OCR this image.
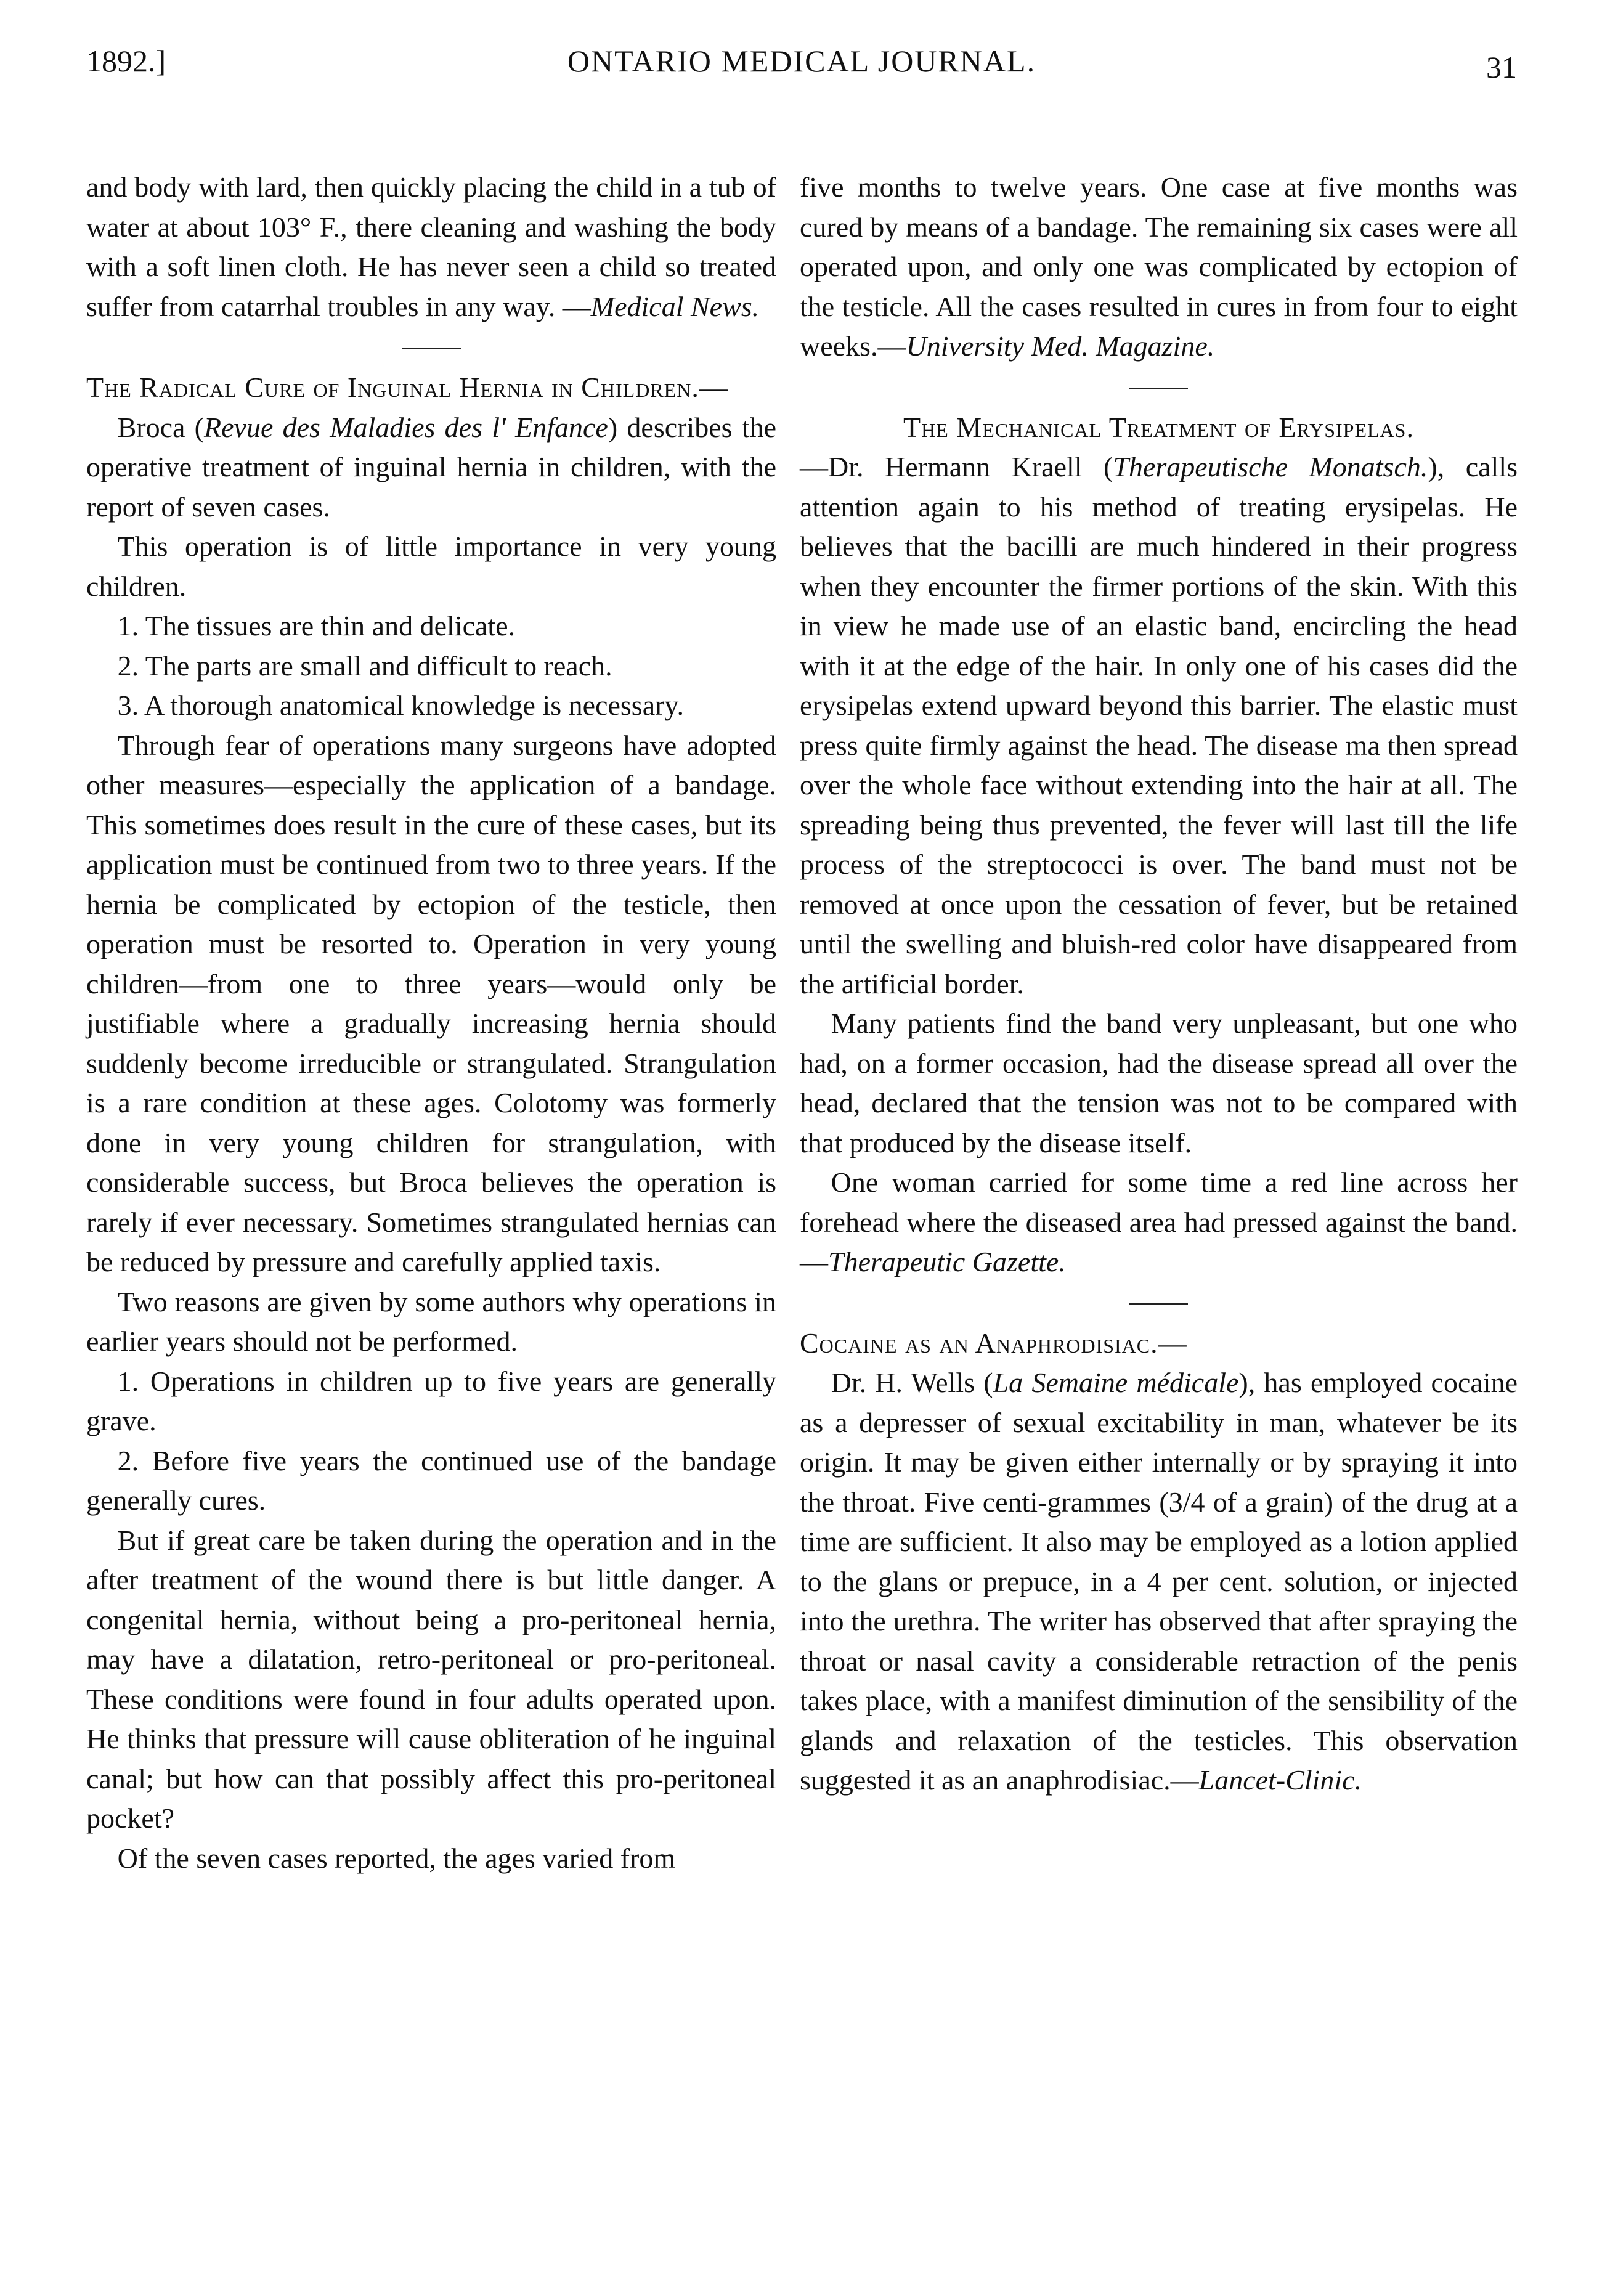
1892.]	ONTARIO MEDICAL JOURNAL.	31

and body with lard, then quickly placing the child in a tub of water at about 103° F., there cleaning and washing the body with a soft linen cloth. He has never seen a child so treated suffer from catarrhal troubles in any way. —Medical News.

The Radical Cure of Inguinal Hernia in Children.—

Broca (Revue des Maladies des l' Enfance) describes the operative treatment of inguinal hernia in children, with the report of seven cases.

This operation is of little importance in very young children.

1. The tissues are thin and delicate.

2. The parts are small and difficult to reach.

3. A thorough anatomical knowledge is necessary.

Through fear of operations many surgeons have adopted other measures—especially the application of a bandage. This sometimes does result in the cure of these cases, but its application must be continued from two to three years. If the hernia be complicated by ectopion of the testicle, then operation must be resorted to. Operation in very young children—from one to three years—would only be justifiable where a gradually increasing hernia should suddenly become irreducible or strangulated. Strangulation is a rare condition at these ages. Colotomy was formerly done in very young children for strangulation, with considerable success, but Broca believes the operation is rarely if ever necessary. Sometimes strangulated hernias can be reduced by pressure and carefully applied taxis.

Two reasons are given by some authors why operations in earlier years should not be performed.

1. Operations in children up to five years are generally grave.

2. Before five years the continued use of the bandage generally cures.

But if great care be taken during the operation and in the after treatment of the wound there is but little danger. A congenital hernia, without being a pro-peritoneal hernia, may have a dilatation, retro-peritoneal or pro-peritoneal. These conditions were found in four adults operated upon. He thinks that pressure will cause obliteration of he inguinal canal; but how can that possibly affect this pro-peritoneal pocket?

Of the seven cases reported, the ages varied from

five months to twelve years. One case at five months was cured by means of a bandage. The remaining six cases were all operated upon, and only one was complicated by ectopion of the testicle. All the cases resulted in cures in from four to eight weeks.—University Med. Magazine.

The Mechanical Treatment of Erysipelas.

—Dr. Hermann Kraell (Therapeutische Monatsch.), calls attention again to his method of treating erysipelas. He believes that the bacilli are much hindered in their progress when they encounter the firmer portions of the skin. With this in view he made use of an elastic band, encircling the head with it at the edge of the hair. In only one of his cases did the erysipelas extend upward beyond this barrier. The elastic must press quite firmly against the head. The disease ma then spread over the whole face without extending into the hair at all. The spreading being thus prevented, the fever will last till the life process of the streptococci is over. The band must not be removed at once upon the cessation of fever, but be retained until the swelling and bluish-red color have disappeared from the artificial border.

Many patients find the band very unpleasant, but one who had, on a former occasion, had the disease spread all over the head, declared that the tension was not to be compared with that produced by the disease itself.

One woman carried for some time a red line across her forehead where the diseased area had pressed against the band.—Therapeutic Gazette.

Cocaine as an Anaphrodisiac.—

Dr. H. Wells (La Semaine médicale), has employed cocaine as a depresser of sexual excitability in man, whatever be its origin. It may be given either internally or by spraying it into the throat. Five centi-grammes (3/4 of a grain) of the drug at a time are sufficient. It also may be employed as a lotion applied to the glans or prepuce, in a 4 per cent. solution, or injected into the urethra. The writer has observed that after spraying the throat or nasal cavity a considerable retraction of the penis takes place, with a manifest diminution of the sensibility of the glands and relaxation of the testicles. This observation suggested it as an anaphrodisiac.—Lancet-Clinic.
